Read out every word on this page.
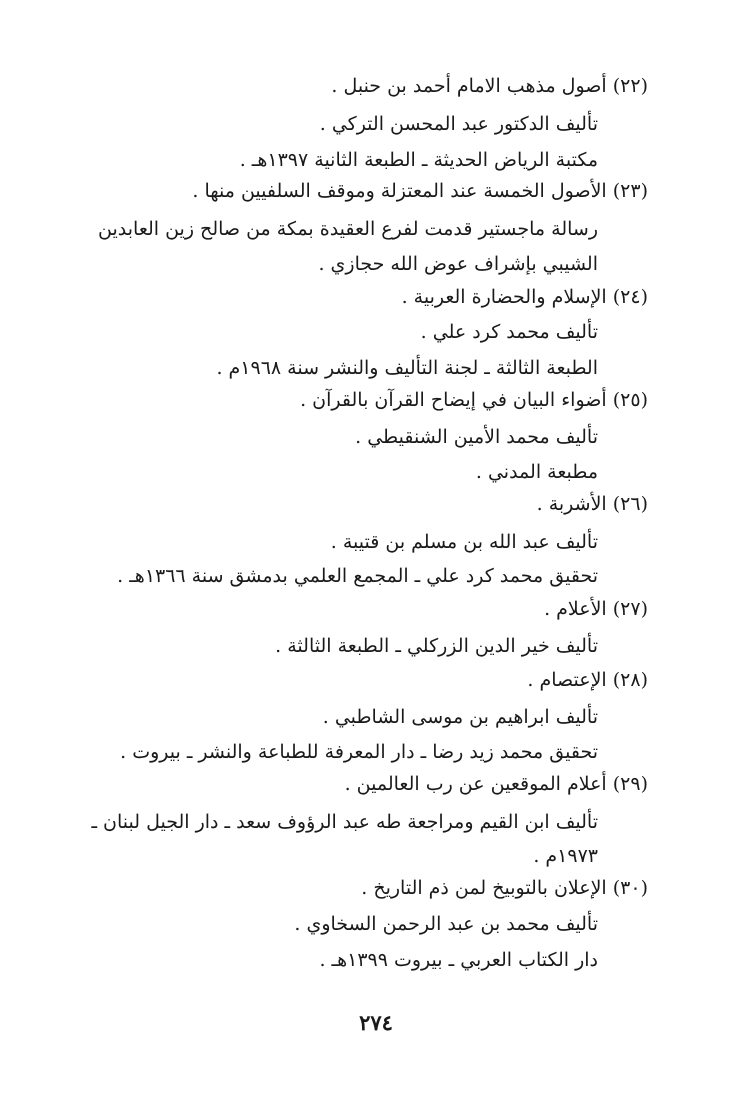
(٢٢) أصول مذهب الامام أحمد بن حنبل .
تأليف الدكتور عبد المحسن التركي .
مكتبة الرياض الحديثة ـ الطبعة الثانية ١٣٩٧هـ .
(٢٣) الأصول الخمسة عند المعتزلة وموقف السلفيين منها .
رسالة ماجستير قدمت لفرع العقيدة بمكة من صالح زين العابدين
الشيبي بإشراف عوض الله حجازي .
(٢٤) الإسلام والحضارة العربية .
تأليف محمد كرد علي .
الطبعة الثالثة ـ لجنة التأليف والنشر سنة ١٩٦٨م .
(٢٥) أضواء البيان في إيضاح القرآن بالقرآن .
تأليف محمد الأمين الشنقيطي .
مطبعة المدني .
(٢٦) الأشربة .
تأليف عبد الله بن مسلم بن قتيبة .
تحقيق محمد كرد علي ـ المجمع العلمي بدمشق سنة ١٣٦٦هـ .
(٢٧) الأعلام .
تأليف خير الدين الزركلي ـ الطبعة الثالثة .
(٢٨) الإعتصام .
تأليف ابراهيم بن موسى الشاطبي .
تحقيق محمد زيد رضا ـ دار المعرفة للطباعة والنشر ـ بيروت .
(٢٩) أعلام الموقعين عن رب العالمين .
تأليف ابن القيم ومراجعة طه عبد الرؤوف سعد ـ دار الجيل لبنان ـ
١٩٧٣م .
(٣٠) الإعلان بالتوبيخ لمن ذم التاريخ .
تأليف محمد بن عبد الرحمن السخاوي .
دار الكتاب العربي ـ بيروت ١٣٩٩هـ .
٢٧٤
